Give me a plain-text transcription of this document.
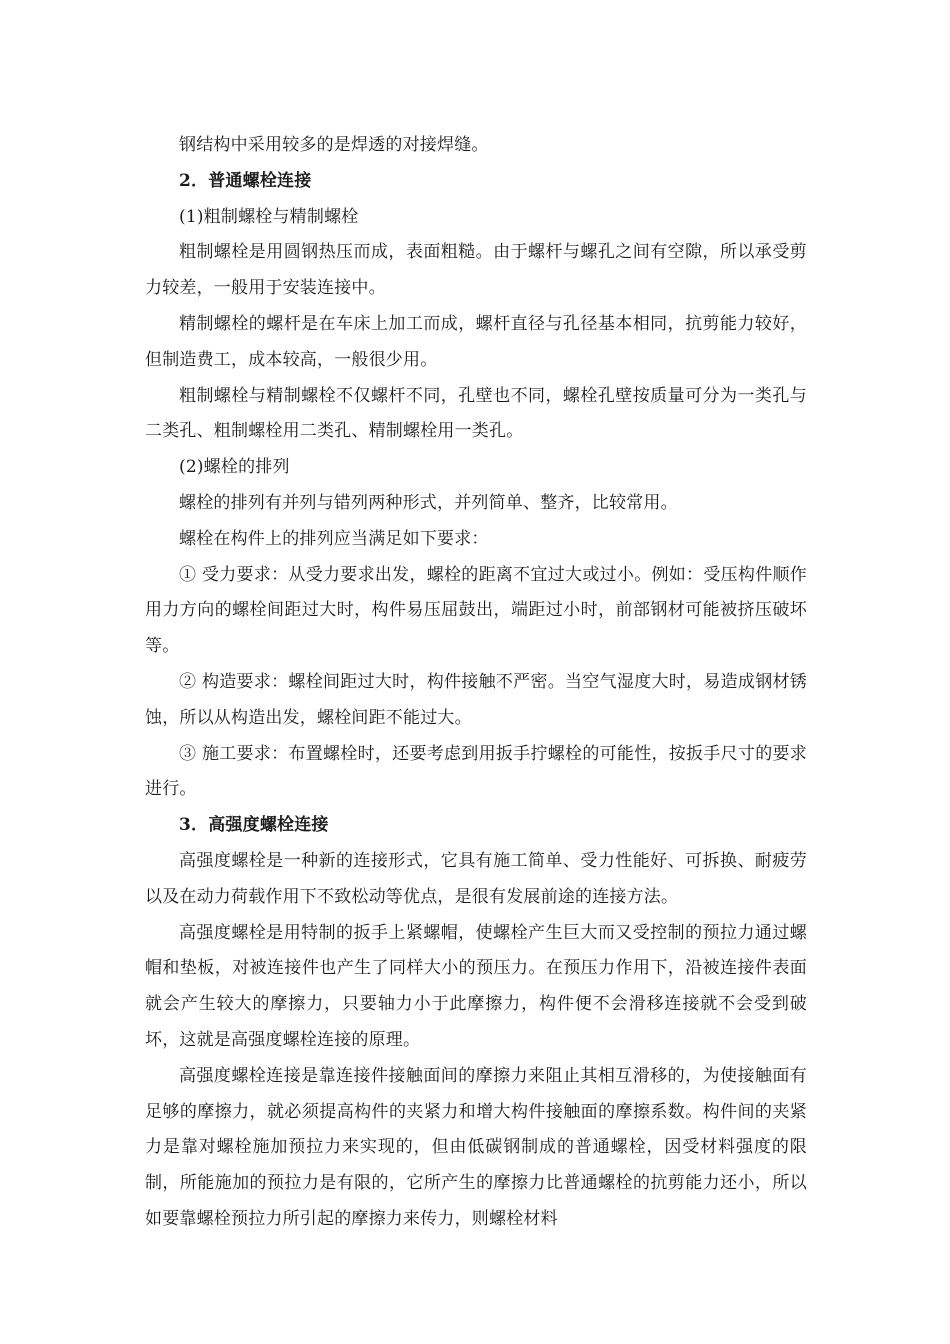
钢结构中采用较多的是焊透的对接焊缝。

2．普通螺栓连接

(1)粗制螺栓与精制螺栓

粗制螺栓是用圆钢热压而成，表面粗糙。由于螺杆与螺孔之间有空隙，所以承受剪力较差，一般用于安装连接中。

精制螺栓的螺杆是在车床上加工而成，螺杆直径与孔径基本相同，抗剪能力较好，但制造费工，成本较高，一般很少用。

粗制螺栓与精制螺栓不仅螺杆不同，孔壁也不同，螺栓孔壁按质量可分为一类孔与二类孔、粗制螺栓用二类孔、精制螺栓用一类孔。

(2)螺栓的排列

螺栓的排列有并列与错列两种形式，并列简单、整齐，比较常用。

螺栓在构件上的排列应当满足如下要求：

① 受力要求：从受力要求出发，螺栓的距离不宜过大或过小。例如：受压构件顺作用力方向的螺栓间距过大时，构件易压屈鼓出，端距过小时，前部钢材可能被挤压破坏等。

② 构造要求：螺栓间距过大时，构件接触不严密。当空气湿度大时，易造成钢材锈蚀，所以从构造出发，螺栓间距不能过大。

③ 施工要求：布置螺栓时，还要考虑到用扳手拧螺栓的可能性，按扳手尺寸的要求进行。

3．高强度螺栓连接

高强度螺栓是一种新的连接形式，它具有施工简单、受力性能好、可拆换、耐疲劳以及在动力荷载作用下不致松动等优点，是很有发展前途的连接方法。

高强度螺栓是用特制的扳手上紧螺帽，使螺栓产生巨大而又受控制的预拉力通过螺帽和垫板，对被连接件也产生了同样大小的预压力。在预压力作用下，沿被连接件表面就会产生较大的摩擦力，只要轴力小于此摩擦力，构件便不会滑移连接就不会受到破坏，这就是高强度螺栓连接的原理。

高强度螺栓连接是靠连接件接触面间的摩擦力来阻止其相互滑移的，为使接触面有足够的摩擦力，就必须提高构件的夹紧力和增大构件接触面的摩擦系数。构件间的夹紧力是靠对螺栓施加预拉力来实现的，但由低碳钢制成的普通螺栓，因受材料强度的限制，所能施加的预拉力是有限的，它所产生的摩擦力比普通螺栓的抗剪能力还小，所以如要靠螺栓预拉力所引起的摩擦力来传力，则螺栓材料
